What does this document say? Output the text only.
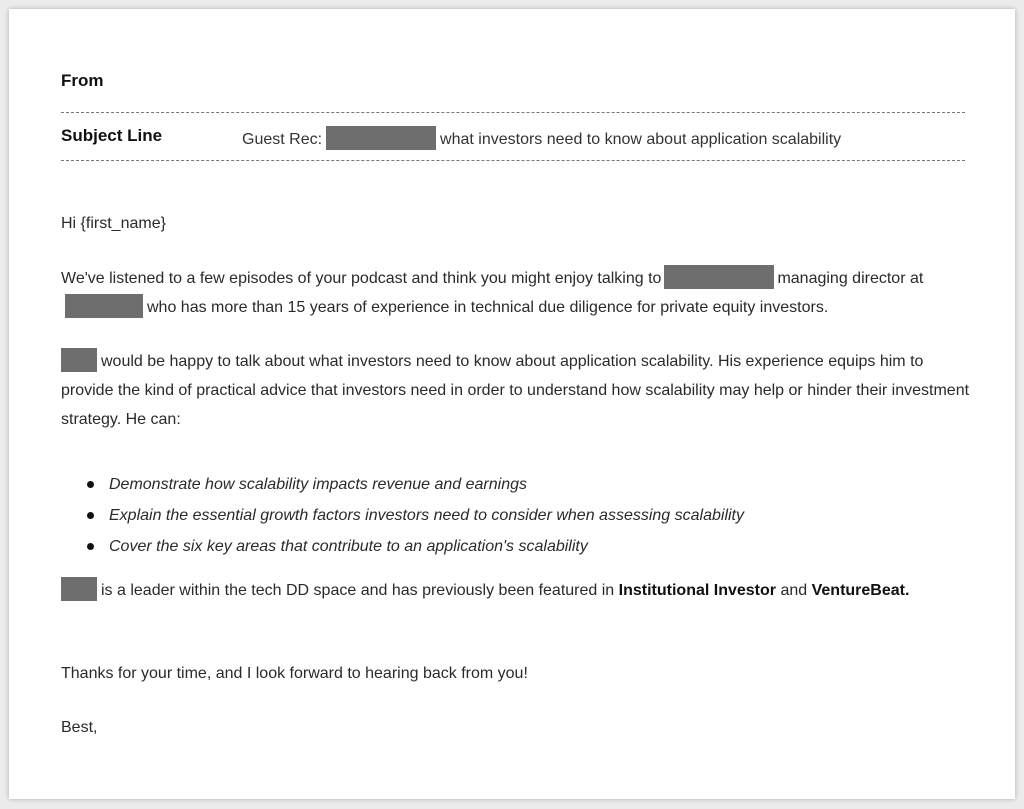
From
Subject Line	Guest Rec:	what investors need to know about application scalability

Hi {first_name}

We've listened to a few episodes of your podcast and think you might enjoy talking to	managing director atwho has more than 15 years of experience in technical due diligence for private equity investors.

would be happy to talk about what investors need to know about application scalability. His experience equips him to provide the kind of practical advice that investors need in order to understand how scalability may help or hinder their investment strategy. He can:

Demonstrate how scalability impacts revenue and earnings
Explain the essential growth factors investors need to consider when assessing scalability
Cover the six key areas that contribute to an application's scalability

is a leader within the tech DD space and has previously been featured in Institutional Investor and VentureBeat.

Thanks for your time, and I look forward to hearing back from you!

Best,
